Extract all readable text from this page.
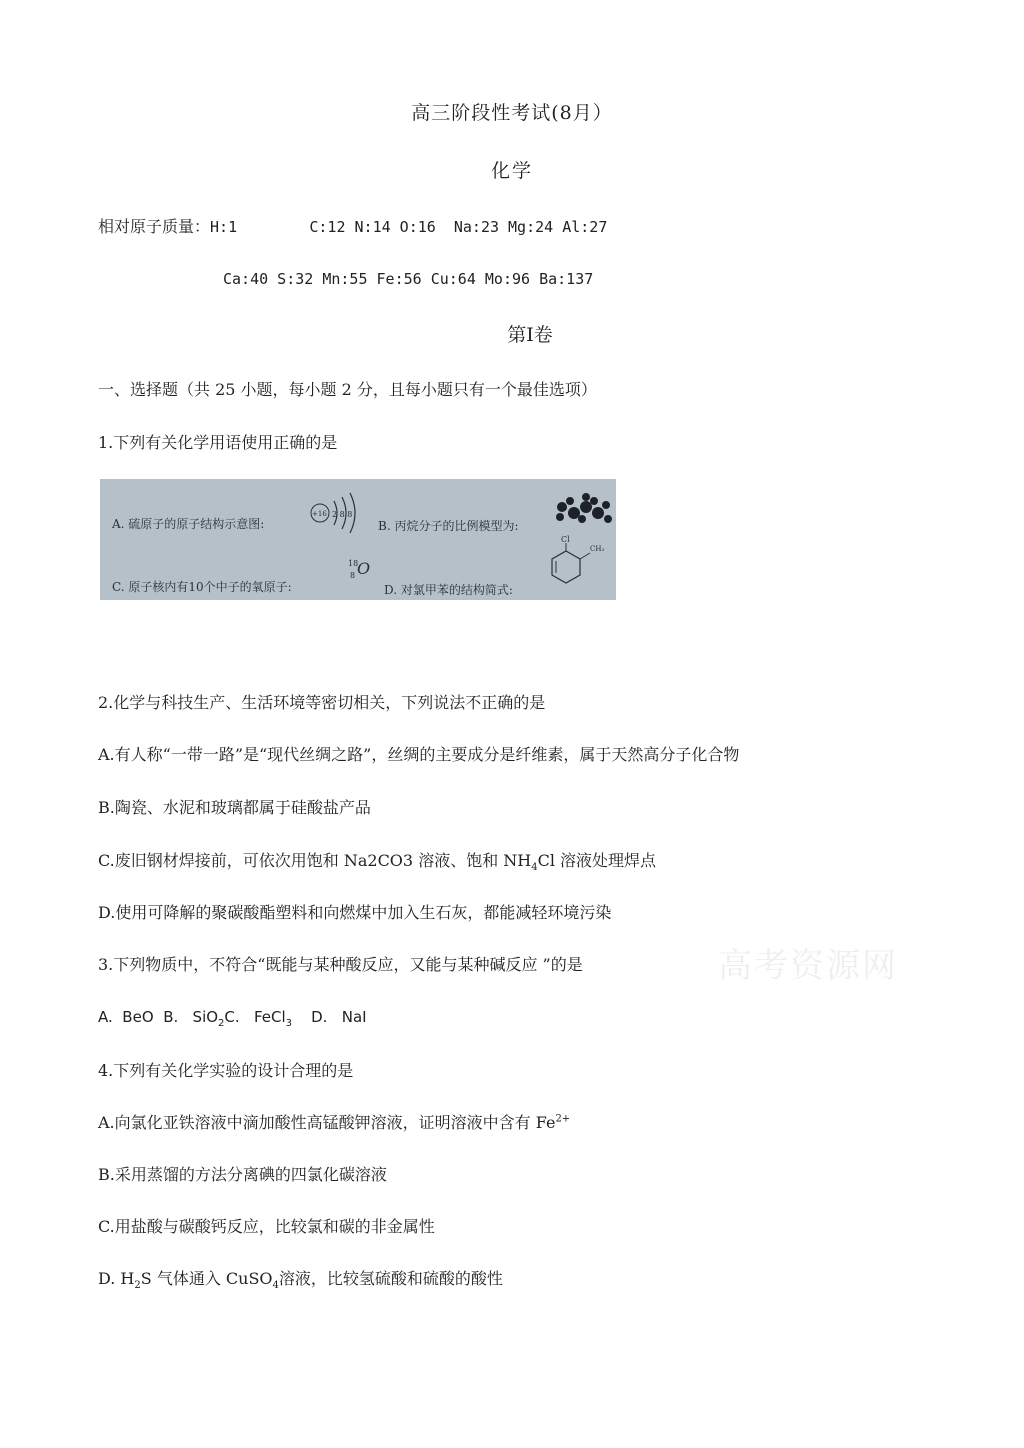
高三阶段性考试(8月）
化学
相对原子质量：H:1        C:12 N:14 O:16  Na:23 Mg:24 Al:27
Ca:40 S:32 Mn:55 Fe:56 Cu:64 Mo:96 Ba:137
第Ⅰ卷
一、选择题（共 25 小题，每小题 2 分，且每小题只有一个最佳选项）
1.下列有关化学用语使用正确的是
A. 硫原子的原子结构示意图:
+16 2 8 8
B. 丙烷分子的比例模型为:
C. 原子核内有10个中子的氧原子:
18
8 O
D. 对氯甲苯的结构简式:
Cl
CH₃
2.化学与科技生产、生活环境等密切相关，下列说法不正确的是
A.有人称“一带一路”是“现代丝绸之路”，丝绸的主要成分是纤维素，属于天然高分子化合物
B.陶瓷、水泥和玻璃都属于硅酸盐产品
C.废旧钢材焊接前，可依次用饱和 Na2CO3 溶液、饱和 $NH_4Cl$ 溶液处理焊点
D.使用可降解的聚碳酸酯塑料和向燃煤中加入生石灰，都能减轻环境污染
3.下列物质中，不符合“既能与某种酸反应，又能与某种碱反应 ”的是	高考资源网
A.  BeO B.   SiO$_2$C.   FeCl$_3$ D.   NaI
4.下列有关化学实验的设计合理的是
A.向氯化亚铁溶液中滴加酸性高锰酸钾溶液，证明溶液中含有 $Fe^{2+}$
B.采用蒸馏的方法分离碘的四氯化碳溶液
C.用盐酸与碳酸钙反应，比较氯和碳的非金属性
D. $H_2S$ 气体通入 CuSO$_4$溶液，比较氢硫酸和硫酸的酸性
